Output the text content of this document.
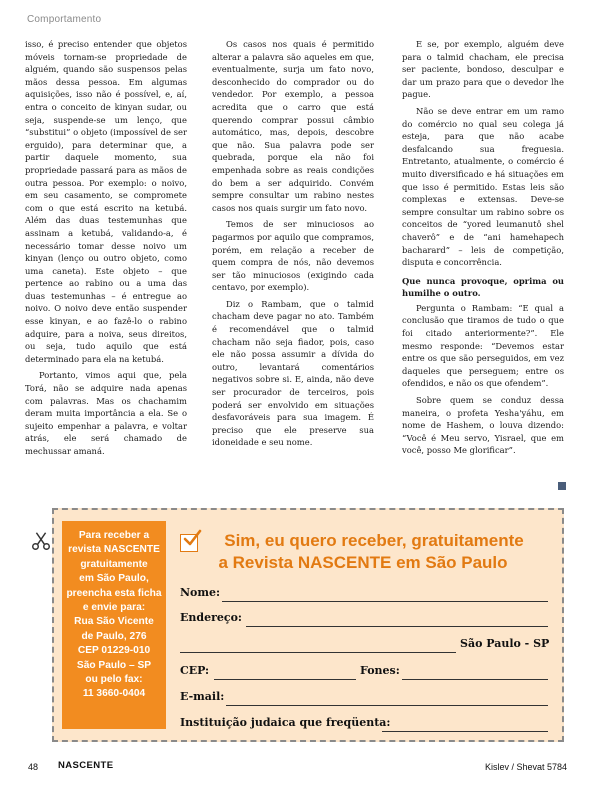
Comportamento

isso, é preciso entender que objetos móveis tornam-se propriedade de alguém, quando são suspensos pelas mãos dessa pessoa. Em algumas aquisições, isso não é possível, e, aí, entra o conceito de kinyan sudar, ou seja, suspende-se um lenço, que “substitui” o objeto (impossível de ser erguido), para determinar que, a partir daquele momento, sua propriedade passará para as mãos de outra pessoa. Por exemplo: o noivo, em seu casamento, se compromete com o que está escrito na ketubá. Além das duas testemunhas que assinam a ketubá, validando-a, é necessário tomar desse noivo um kinyan (lenço ou outro objeto, como uma caneta). Este objeto – que pertence ao rabino ou a uma das duas testemunhas – é entregue ao noivo. O noivo deve então suspender esse kinyan, e ao fazê-lo o rabino adquire, para a noiva, seus direitos, ou seja, tudo aquilo que está determinado para ela na ketubá.

Portanto, vimos aqui que, pela Torá, não se adquire nada apenas com palavras. Mas os chachamim deram muita importância a ela. Se o sujeito empenhar a palavra, e voltar atrás, ele será chamado de mechussar amaná.

Os casos nos quais é permitido alterar a palavra são aqueles em que, eventualmente, surja um fato novo, desconhecido do comprador ou do vendedor. Por exemplo, a pessoa acredita que o carro que está querendo comprar possui câmbio automático, mas, depois, descobre que não. Sua palavra pode ser quebrada, porque ela não foi empenhada sobre as reais condições do bem a ser adquirido. Convém sempre consultar um rabino nestes casos nos quais surgir um fato novo.

Temos de ser minuciosos ao pagarmos por aquilo que compramos, porém, em relação a receber de quem compra de nós, não devemos ser tão minuciosos (exigindo cada centavo, por exemplo).

Diz o Rambam, que o talmid chacham deve pagar no ato. Também é recomendável que o talmid chacham não seja fiador, pois, caso ele não possa assumir a dívida do outro, levantará comentários negativos sobre si. E, ainda, não deve ser procurador de terceiros, pois poderá ser envolvido em situações desfavoráveis para sua imagem. É preciso que ele preserve sua idoneidade e seu nome.

E se, por exemplo, alguém deve para o talmid chacham, ele precisa ser paciente, bondoso, desculpar e dar um prazo para que o devedor lhe pague.

Não se deve entrar em um ramo do comércio no qual seu colega já esteja, para que não acabe desfalcando sua freguesia. Entretanto, atualmente, o comércio é muito diversificado e há situações em que isso é permitido. Estas leis são complexas e extensas. Deve-se sempre consultar um rabino sobre os conceitos de “yored leumanutô shel chaverô” e de “ani hamehapech bacharard” – leis de competição, disputa e concorrência.

Que nunca provoque, oprima ou humilhe o outro.

Pergunta o Rambam: “E qual a conclusão que tiramos de tudo o que foi citado anteriormente?”. Ele mesmo responde: “Devemos estar entre os que são perseguidos, em vez daqueles que perseguem; entre os ofendidos, e não os que ofendem”.

Sobre quem se conduz dessa maneira, o profeta Yesha'yáhu, em nome de Hashem, o louva dizendo: “Você é Meu servo, Yisrael, que em você, posso Me glorificar”.

Para receber a
revista NASCENTE
gratuitamente
em São Paulo,
preencha esta ficha
e envie para:
Rua São Vicente
de Paulo, 276
CEP 01229-010
São Paulo – SP
ou pelo fax:
11 3660-0404
Sim, eu quero receber, gratuitamente
a Revista NASCENTE em São Paulo
Nome:
Endereço:
São Paulo - SP
CEP:	Fones:
E-mail:
Instituição judaica que freqüenta:
48 NASCENTE	Kislev / Shevat 5784
